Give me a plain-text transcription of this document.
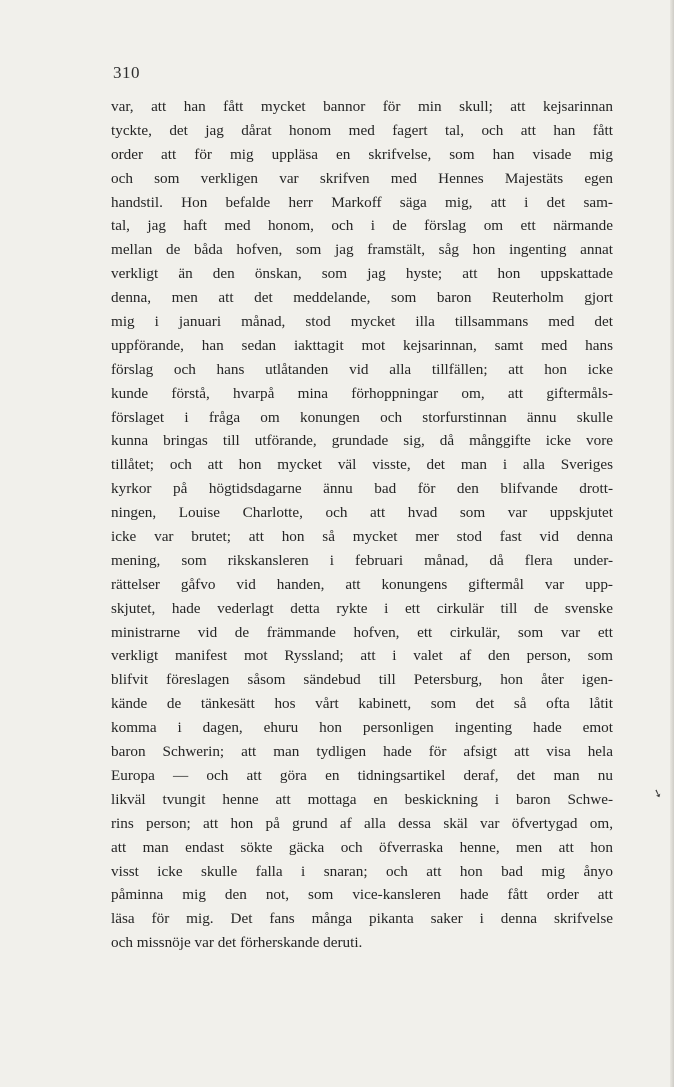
310
var, att han fått mycket bannor för min skull; att kejsarinnan
tyckte, det jag dårat honom med fagert tal, och att han fått
order att för mig uppläsa en skrifvelse, som han visade mig
och som verkligen var skrifven med Hennes Majestäts egen
handstil. Hon befalde herr Markoff säga mig, att i det sam-
tal, jag haft med honom, och i de förslag om ett närmande
mellan de båda hofven, som jag framstält, såg hon ingenting annat
verkligt än den önskan, som jag hyste; att hon uppskattade
denna, men att det meddelande, som baron Reuterholm gjort
mig i januari månad, stod mycket illa tillsammans med det
uppförande, han sedan iakttagit mot kejsarinnan, samt med hans
förslag och hans utlåtanden vid alla tillfällen; att hon icke
kunde förstå, hvarpå mina förhoppningar om, att giftermåls-
förslaget i fråga om konungen och storfurstinnan ännu skulle
kunna bringas till utförande, grundade sig, då månggifte icke vore
tillåtet; och att hon mycket väl visste, det man i alla Sveriges
kyrkor på högtidsdagarne ännu bad för den blifvande drott-
ningen, Louise Charlotte, och att hvad som var uppskjutet
icke var brutet; att hon så mycket mer stod fast vid denna
mening, som rikskansleren i februari månad, då flera under-
rättelser gåfvo vid handen, att konungens giftermål var upp-
skjutet, hade vederlagt detta rykte i ett cirkulär till de svenske
ministrarne vid de främmande hofven, ett cirkulär, som var ett
verkligt manifest mot Ryssland; att i valet af den person, som
blifvit föreslagen såsom sändebud till Petersburg, hon åter igen-
kände de tänkesätt hos vårt kabinett, som det så ofta låtit
komma i dagen, ehuru hon personligen ingenting hade emot
baron Schwerin; att man tydligen hade för afsigt att visa hela
Europa — och att göra en tidningsartikel deraf, det man nu
likväl tvungit henne att mottaga en beskickning i baron Schwe-
rins person; att hon på grund af alla dessa skäl var öfvertygad om,
att man endast sökte gäcka och öfverraska henne, men att hon
visst icke skulle falla i snaran; och att hon bad mig ånyo
påminna mig den not, som vice-kansleren hade fått order att
läsa för mig. Det fans många pikanta saker i denna skrifvelse
och missnöje var det förherskande deruti.
➘
